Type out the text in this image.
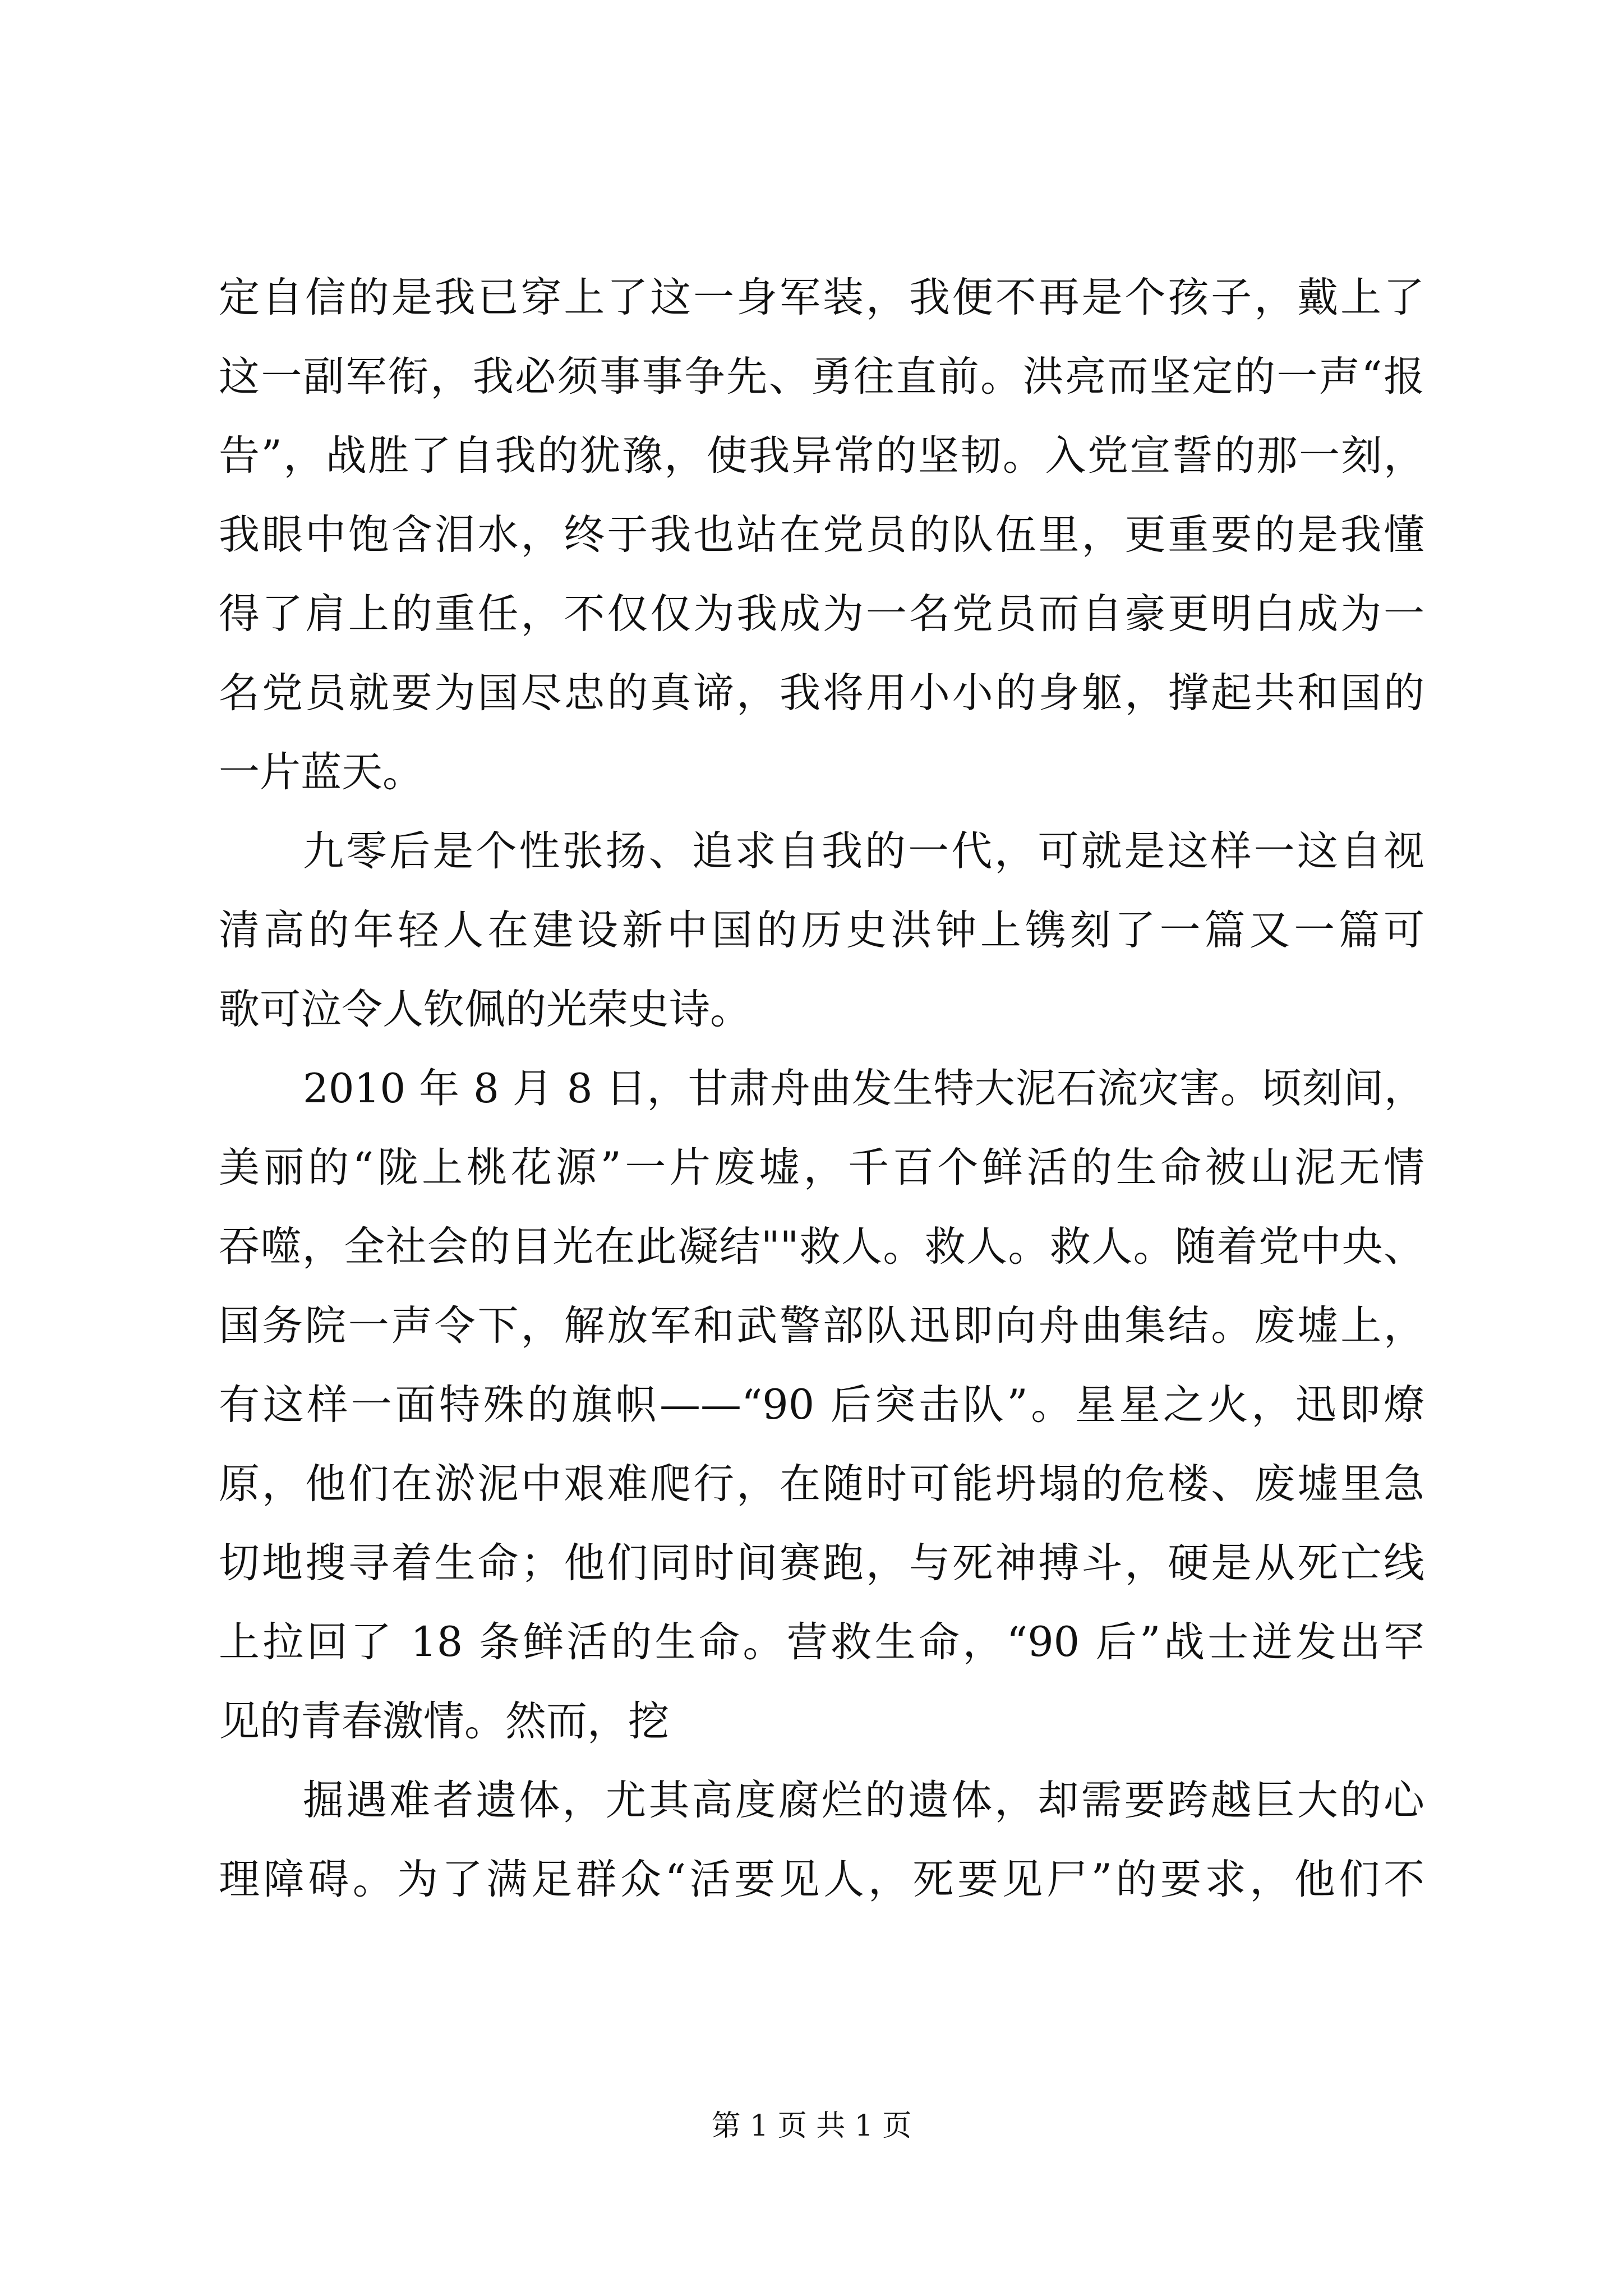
定自信的是我已穿上了这一身军装，我便不再是个孩子，戴上了
这一副军衔，我必须事事争先、勇往直前。洪亮而坚定的一声“报
告”，战胜了自我的犹豫，使我异常的坚韧。入党宣誓的那一刻，
我眼中饱含泪水，终于我也站在党员的队伍里，更重要的是我懂
得了肩上的重任，不仅仅为我成为一名党员而自豪更明白成为一
名党员就要为国尽忠的真谛，我将用小小的身躯，撑起共和国的
一片蓝天。
九零后是个性张扬、追求自我的一代，可就是这样一这自视
清高的年轻人在建设新中国的历史洪钟上镌刻了一篇又一篇可
歌可泣令人钦佩的光荣史诗。
2010 年 8 月 8 日，甘肃舟曲发生特大泥石流灾害。顷刻间，
美丽的“陇上桃花源”一片废墟，千百个鲜活的生命被山泥无情
吞噬，全社会的目光在此凝结""救人。救人。救人。随着党中央、
国务院一声令下，解放军和武警部队迅即向舟曲集结。废墟上，
有这样一面特殊的旗帜——“90 后突击队”。星星之火，迅即燎
原，他们在淤泥中艰难爬行，在随时可能坍塌的危楼、废墟里急
切地搜寻着生命；他们同时间赛跑，与死神搏斗，硬是从死亡线
上拉回了 18 条鲜活的生命。营救生命，“90 后”战士迸发出罕
见的青春激情。然而，挖
掘遇难者遗体，尤其高度腐烂的遗体，却需要跨越巨大的心
理障碍。为了满足群众“活要见人，死要见尸”的要求，他们不
第 1 页 共 1 页
